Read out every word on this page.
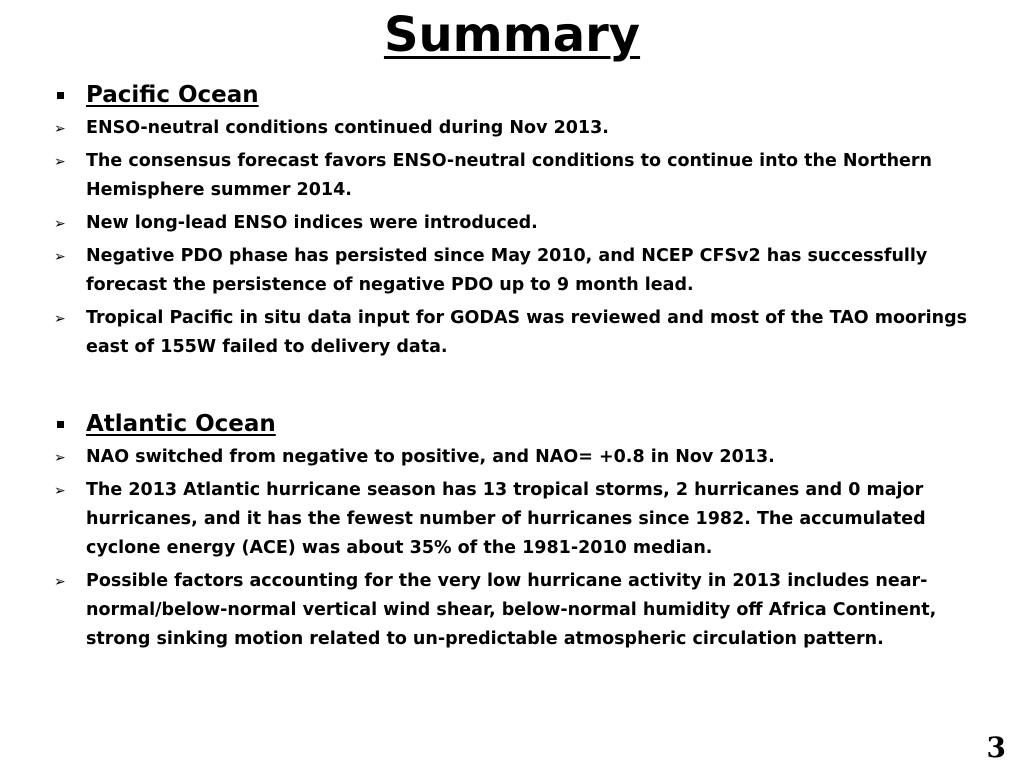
Summary
Pacific Ocean
➢ ENSO-neutral conditions continued during Nov 2013.
➢ The consensus forecast favors ENSO-neutral conditions to continue into the Northern Hemisphere summer 2014.
➢ New long-lead ENSO indices were introduced.
➢ Negative PDO phase has persisted since May 2010, and NCEP CFSv2 has successfully forecast the persistence of negative PDO up to 9 month lead.
➢ Tropical Pacific in situ data input for GODAS was reviewed and most of the TAO moorings east of 155W failed to delivery data.
Atlantic Ocean
➢ NAO switched from negative to positive, and NAO= +0.8 in Nov 2013.
➢ The 2013 Atlantic hurricane season has 13 tropical storms, 2 hurricanes and 0 major hurricanes, and it has the fewest number of hurricanes since 1982. The accumulated cyclone energy (ACE) was about 35% of the 1981-2010 median.
➢ Possible factors accounting for the very low hurricane activity in 2013 includes near-normal/below-normal vertical wind shear, below-normal humidity off Africa Continent, strong sinking motion related to un-predictable atmospheric circulation pattern.
3
